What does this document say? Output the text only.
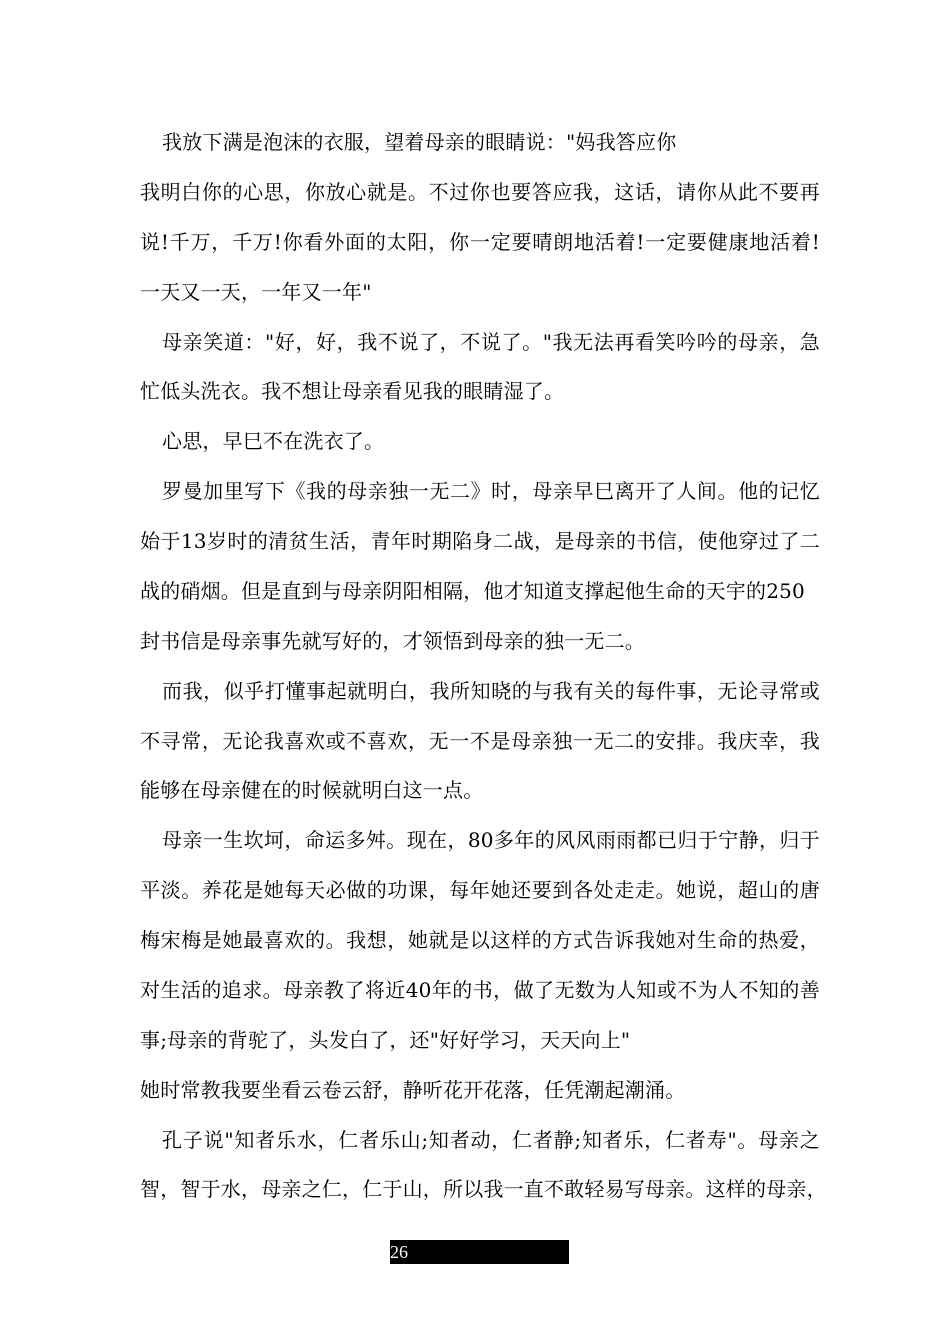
我放下满是泡沫的衣服，望着母亲的眼睛说："妈我答应你
我明白你的心思，你放心就是。不过你也要答应我，这话，请你从此不要再
说!千万，千万!你看外面的太阳，你一定要晴朗地活着!一定要健康地活着!
一天又一天，一年又一年"
母亲笑道："好，好，我不说了，不说了。"我无法再看笑吟吟的母亲，急
忙低头洗衣。我不想让母亲看见我的眼睛湿了。
心思，早巳不在洗衣了。
罗曼加里写下《我的母亲独一无二》时，母亲早巳离开了人间。他的记忆
始于13岁时的清贫生活，青年时期陷身二战，是母亲的书信，使他穿过了二
战的硝烟。但是直到与母亲阴阳相隔，他才知道支撑起他生命的天宇的250
封书信是母亲事先就写好的，才领悟到母亲的独一无二。
而我，似乎打懂事起就明白，我所知晓的与我有关的每件事，无论寻常或
不寻常，无论我喜欢或不喜欢，无一不是母亲独一无二的安排。我庆幸，我
能够在母亲健在的时候就明白这一点。
母亲一生坎坷，命运多舛。现在，80多年的风风雨雨都已归于宁静，归于
平淡。养花是她每天必做的功课，每年她还要到各处走走。她说，超山的唐
梅宋梅是她最喜欢的。我想，她就是以这样的方式告诉我她对生命的热爱，
对生活的追求。母亲教了将近40年的书，做了无数为人知或不为人不知的善
事;母亲的背驼了，头发白了，还"好好学习，天天向上"
她时常教我要坐看云卷云舒，静听花开花落，任凭潮起潮涌。
孔子说"知者乐水，仁者乐山;知者动，仁者静;知者乐，仁者寿"。母亲之
智，智于水，母亲之仁，仁于山，所以我一直不敢轻易写母亲。这样的母亲，
26
